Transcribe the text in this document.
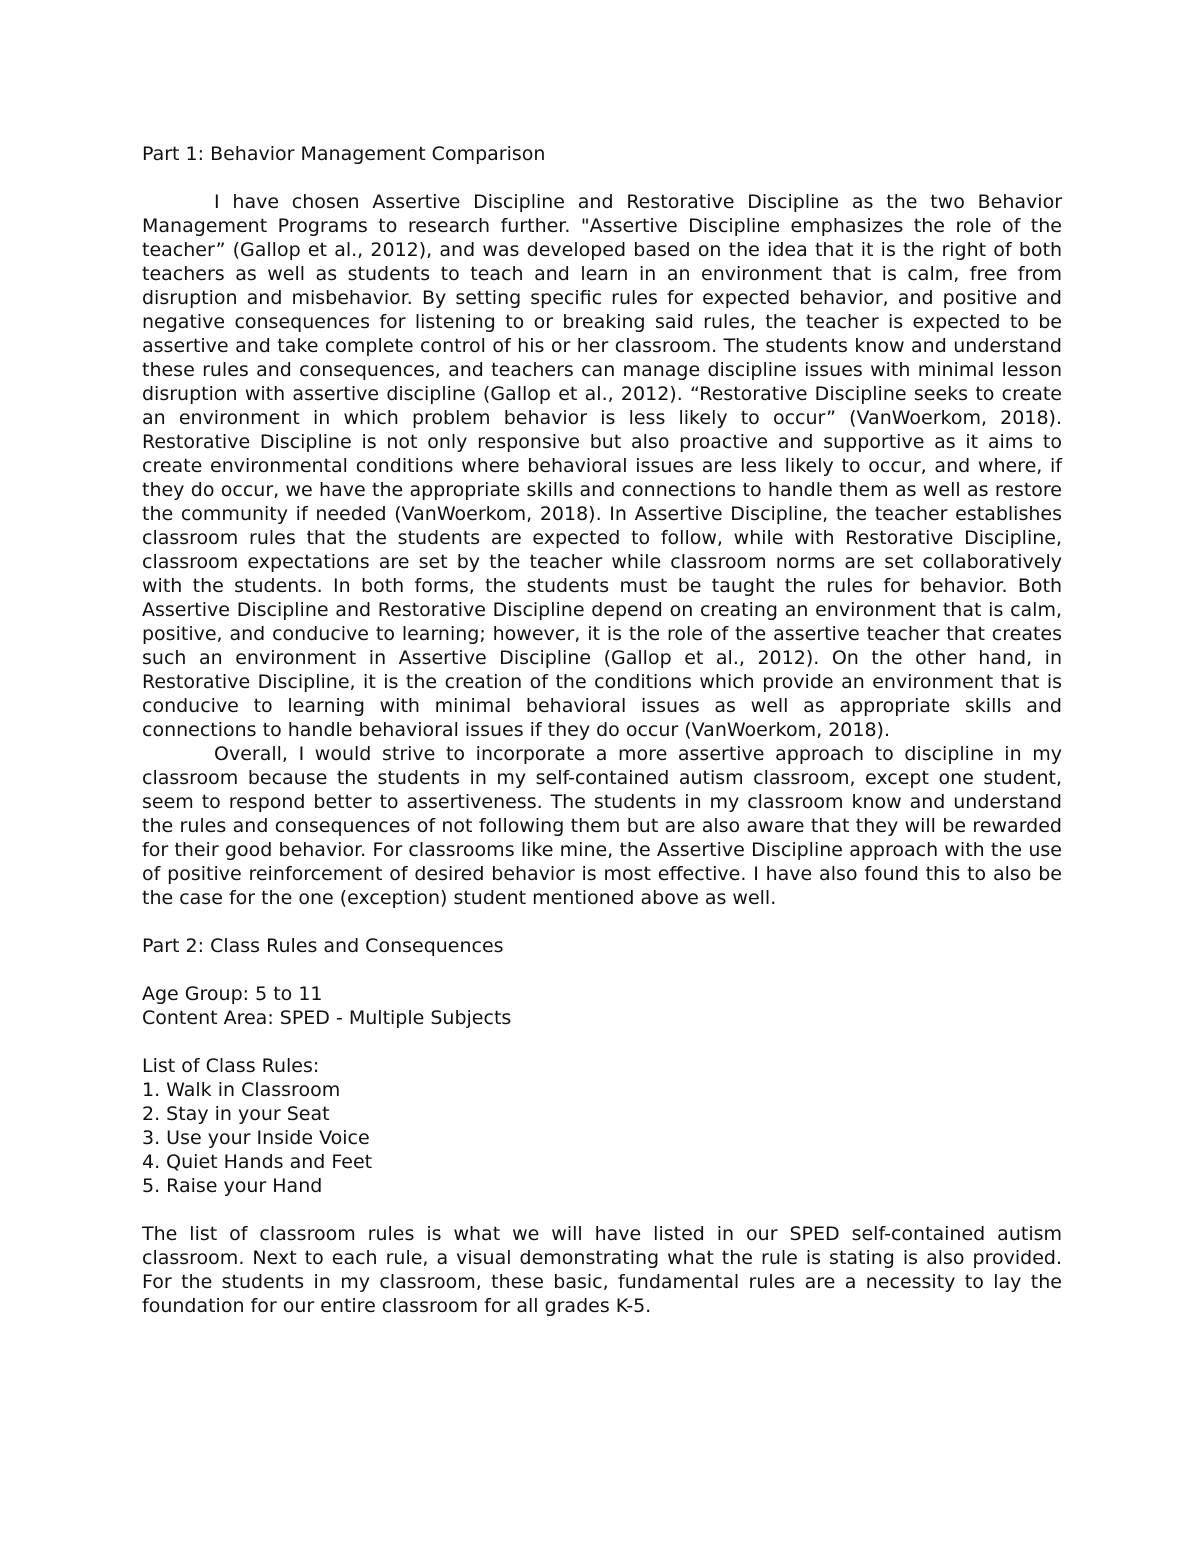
Part 1: Behavior Management Comparison

I have chosen Assertive Discipline and Restorative Discipline as the two Behavior Management Programs to research further. "Assertive Discipline emphasizes the role of the teacher” (Gallop et al., 2012), and was developed based on the idea that it is the right of both teachers as well as students to teach and learn in an environment that is calm, free from disruption and misbehavior. By setting specific rules for expected behavior, and positive and negative consequences for listening to or breaking said rules, the teacher is expected to be assertive and take complete control of his or her classroom. The students know and understand these rules and consequences, and teachers can manage discipline issues with minimal lesson disruption with assertive discipline (Gallop et al., 2012). “Restorative Discipline seeks to create an environment in which problem behavior is less likely to occur” (VanWoerkom, 2018). Restorative Discipline is not only responsive but also proactive and supportive as it aims to create environmental conditions where behavioral issues are less likely to occur, and where, if they do occur, we have the appropriate skills and connections to handle them as well as restore the community if needed (VanWoerkom, 2018). In Assertive Discipline, the teacher establishes classroom rules that the students are expected to follow, while with Restorative Discipline, classroom expectations are set by the teacher while classroom norms are set collaboratively with the students. In both forms, the students must be taught the rules for behavior. Both Assertive Discipline and Restorative Discipline depend on creating an environment that is calm, positive, and conducive to learning; however, it is the role of the assertive teacher that creates such an environment in Assertive Discipline (Gallop et al., 2012). On the other hand, in Restorative Discipline, it is the creation of the conditions which provide an environment that is conducive to learning with minimal behavioral issues as well as appropriate skills and connections to handle behavioral issues if they do occur (VanWoerkom, 2018).

Overall, I would strive to incorporate a more assertive approach to discipline in my classroom because the students in my self-contained autism classroom, except one student, seem to respond better to assertiveness. The students in my classroom know and understand the rules and consequences of not following them but are also aware that they will be rewarded for their good behavior. For classrooms like mine, the Assertive Discipline approach with the use of positive reinforcement of desired behavior is most effective. I have also found this to also be the case for the one (exception) student mentioned above as well.

Part 2: Class Rules and Consequences

Age Group: 5 to 11

Content Area: SPED - Multiple Subjects

List of Class Rules:

1. Walk in Classroom
2. Stay in your Seat
3. Use your Inside Voice
4. Quiet Hands and Feet
5. Raise your Hand

The list of classroom rules is what we will have listed in our SPED self-contained autism classroom. Next to each rule, a visual demonstrating what the rule is stating is also provided. For the students in my classroom, these basic, fundamental rules are a necessity to lay the foundation for our entire classroom for all grades K-5.
